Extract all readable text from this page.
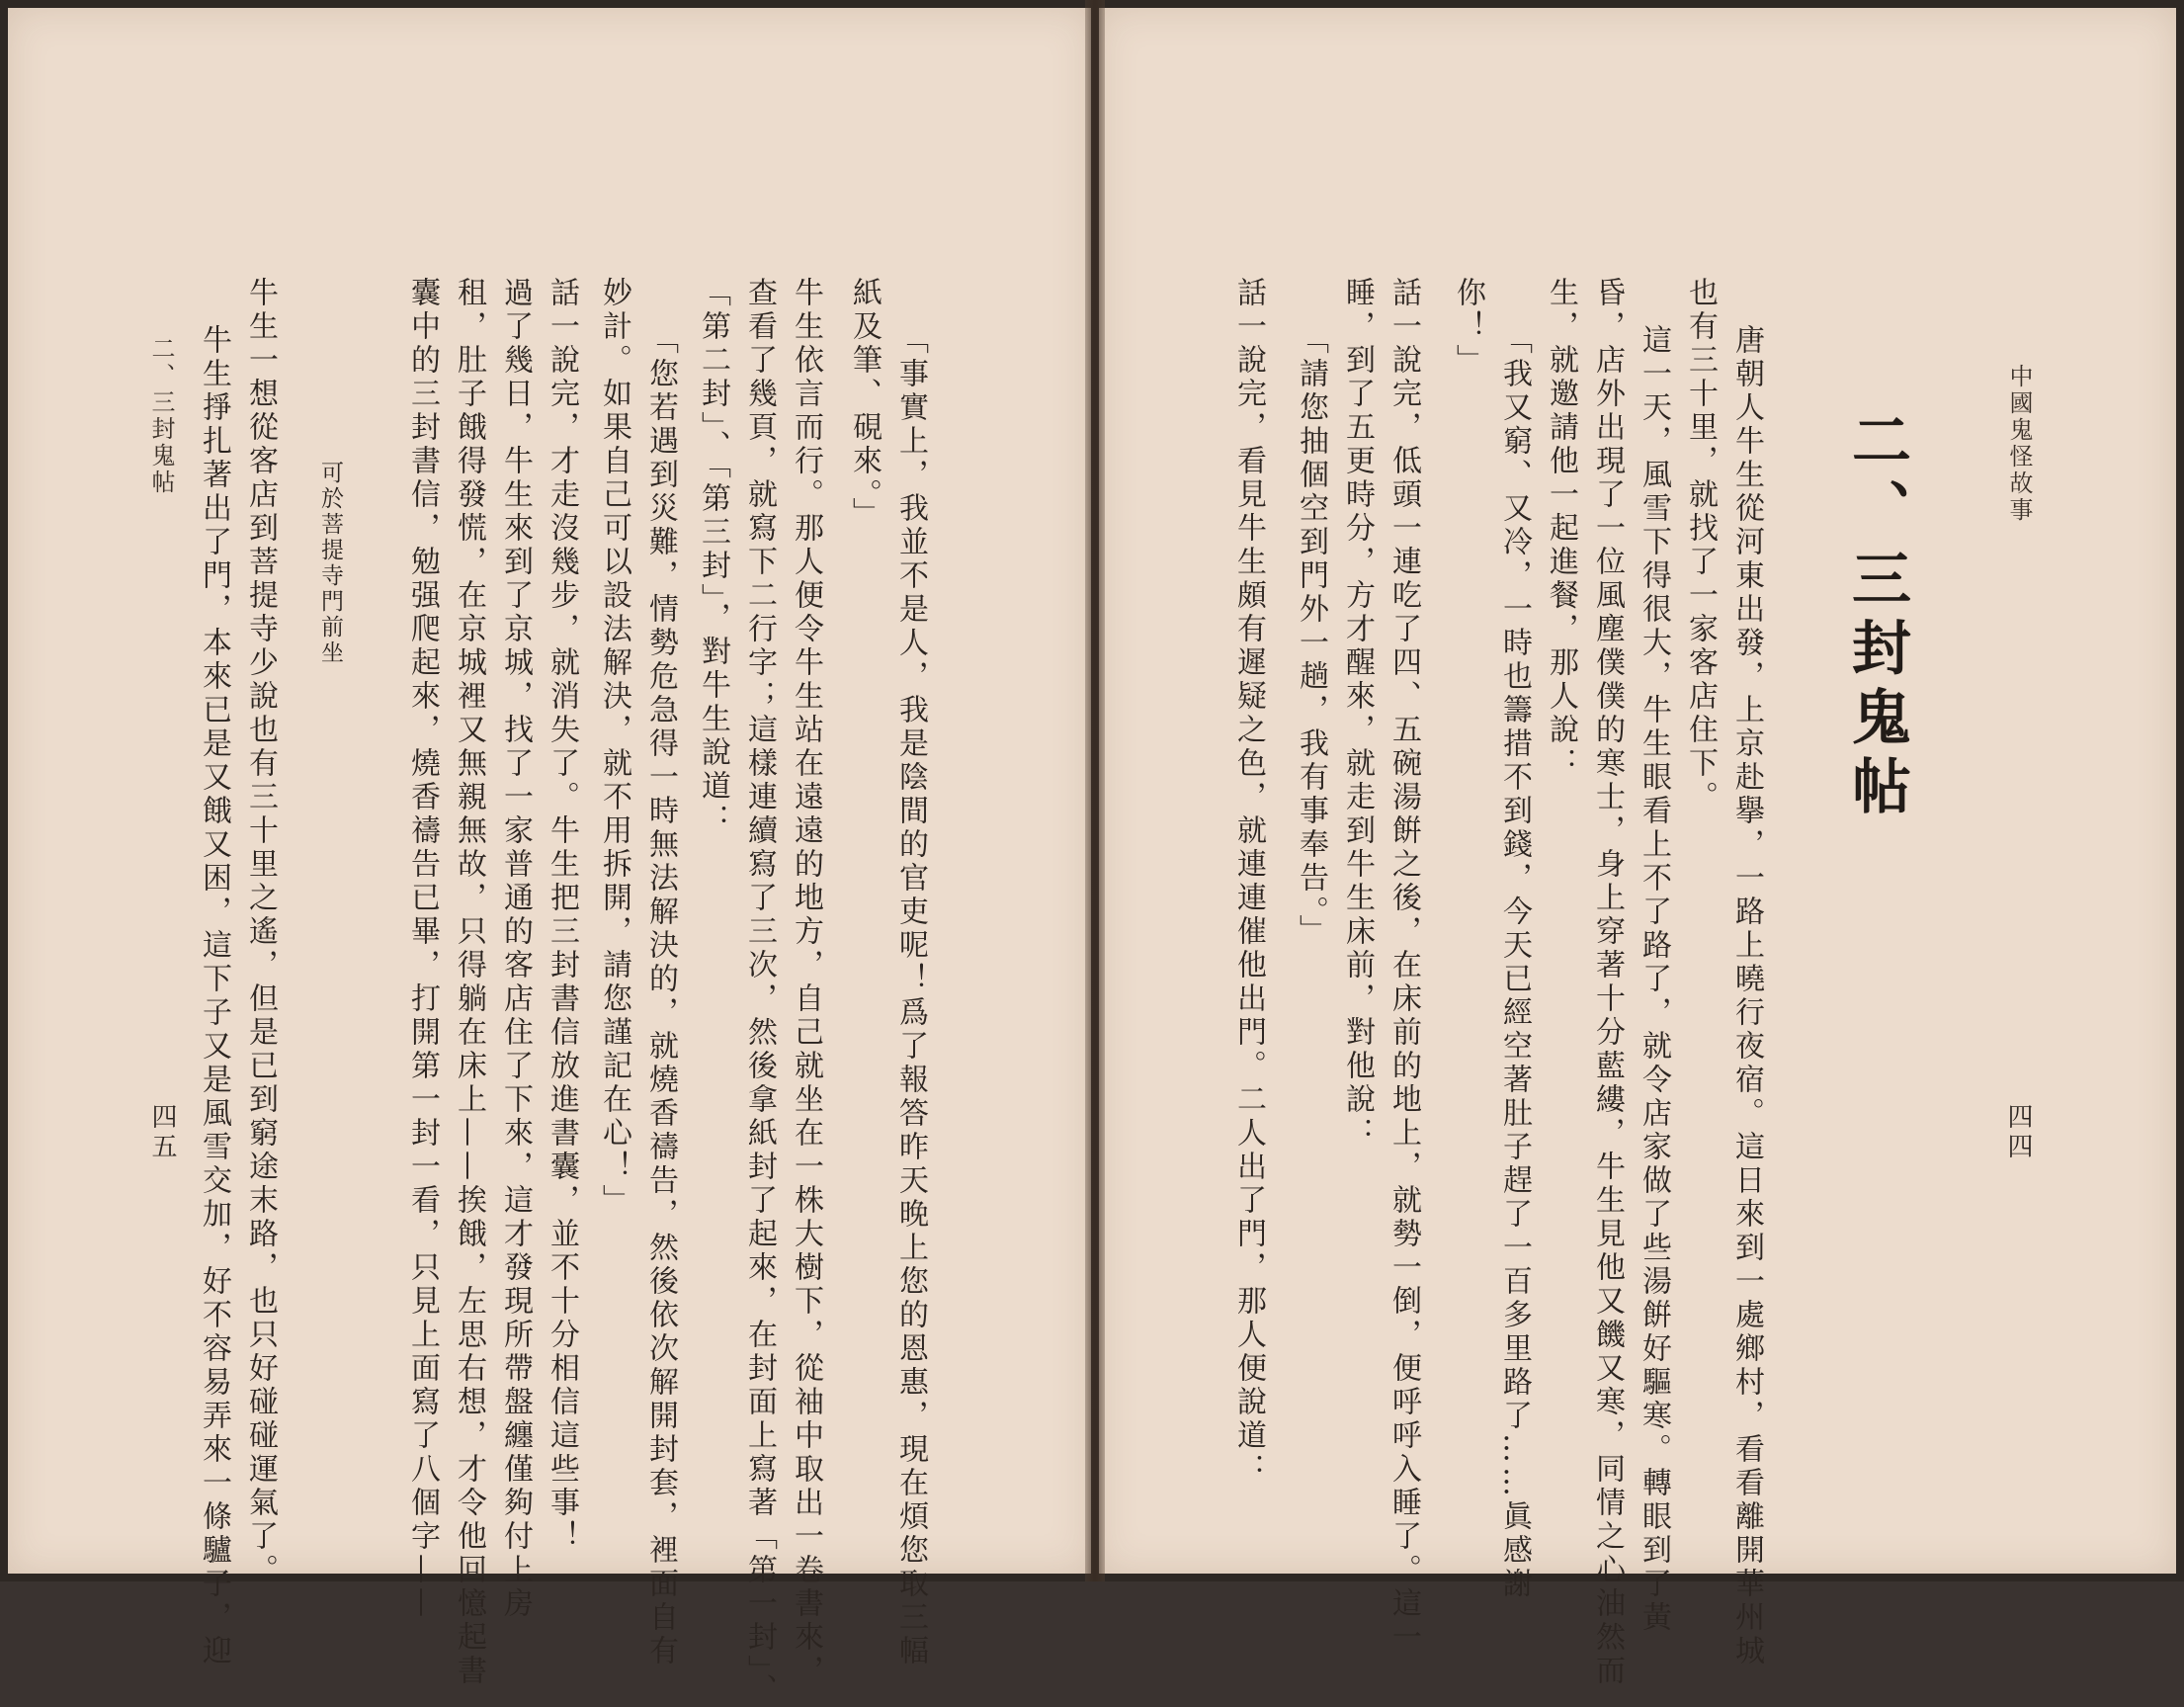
中國鬼怪故事
四四
二、三封鬼帖

唐朝人牛生從河東出發，上京赴擧，一路上曉行夜宿。這日來到一處鄉村，看看離開華州城

也有三十里，就找了一家客店住下。

這一天，風雪下得很大，牛生眼看上不了路了，就令店家做了些湯餠好驅寒。轉眼到了黃

昏，店外出現了一位風塵僕僕的寒士，身上穿著十分藍縷，牛生見他又饑又寒，同情之心油然而

生，就邀請他一起進餐，那人說：

「我又窮、又冷，一時也籌措不到錢，今天已經空著肚子趕了一百多里路了……眞感謝

你！」

話一說完，低頭一連吃了四、五碗湯餠之後，在床前的地上，就勢一倒，便呼呼入睡了。這一

睡，到了五更時分，方才醒來，就走到牛生床前，對他說：

「請您抽個空到門外一趟，我有事奉告。」

話一說完，看見牛生頗有遲疑之色，就連連催他出門。二人出了門，那人便說道：

「事實上，我並不是人，我是陰間的官吏呢！爲了報答昨天晚上您的恩惠，現在煩您取三幅

紙及筆、硯來。」

牛生依言而行。那人便令牛生站在遠遠的地方，自己就坐在一株大樹下，從袖中取出一卷書來，

查看了幾頁，就寫下二行字；這樣連續寫了三次，然後拿紙封了起來，在封面上寫著「第一封」、

「第二封」、「第三封」，對牛生說道：

「您若遇到災難，情勢危急得一時無法解決的，就燒香禱告，然後依次解開封套，裡面自有

妙計。如果自己可以設法解決，就不用拆開，請您謹記在心！」

話一說完，才走沒幾步，就消失了。牛生把三封書信放進書囊，並不十分相信這些事！

過了幾日，牛生來到了京城，找了一家普通的客店住了下來，這才發現所帶盤纏僅夠付上房

租，肚子餓得發慌，在京城裡又無親無故，只得躺在床上——挨餓，左思右想，才令他回憶起書

囊中的三封書信，勉强爬起來，燒香禱告已畢，打開第一封一看，只見上面寫了八個字——

可於菩提寺門前坐

牛生一想從客店到菩提寺少說也有三十里之遙，但是已到窮途末路，也只好碰碰運氣了。

牛生掙扎著出了門，本來已是又餓又困，這下子又是風雪交加，好不容易弄來一條驢子，迎

二、三封鬼帖
四五
